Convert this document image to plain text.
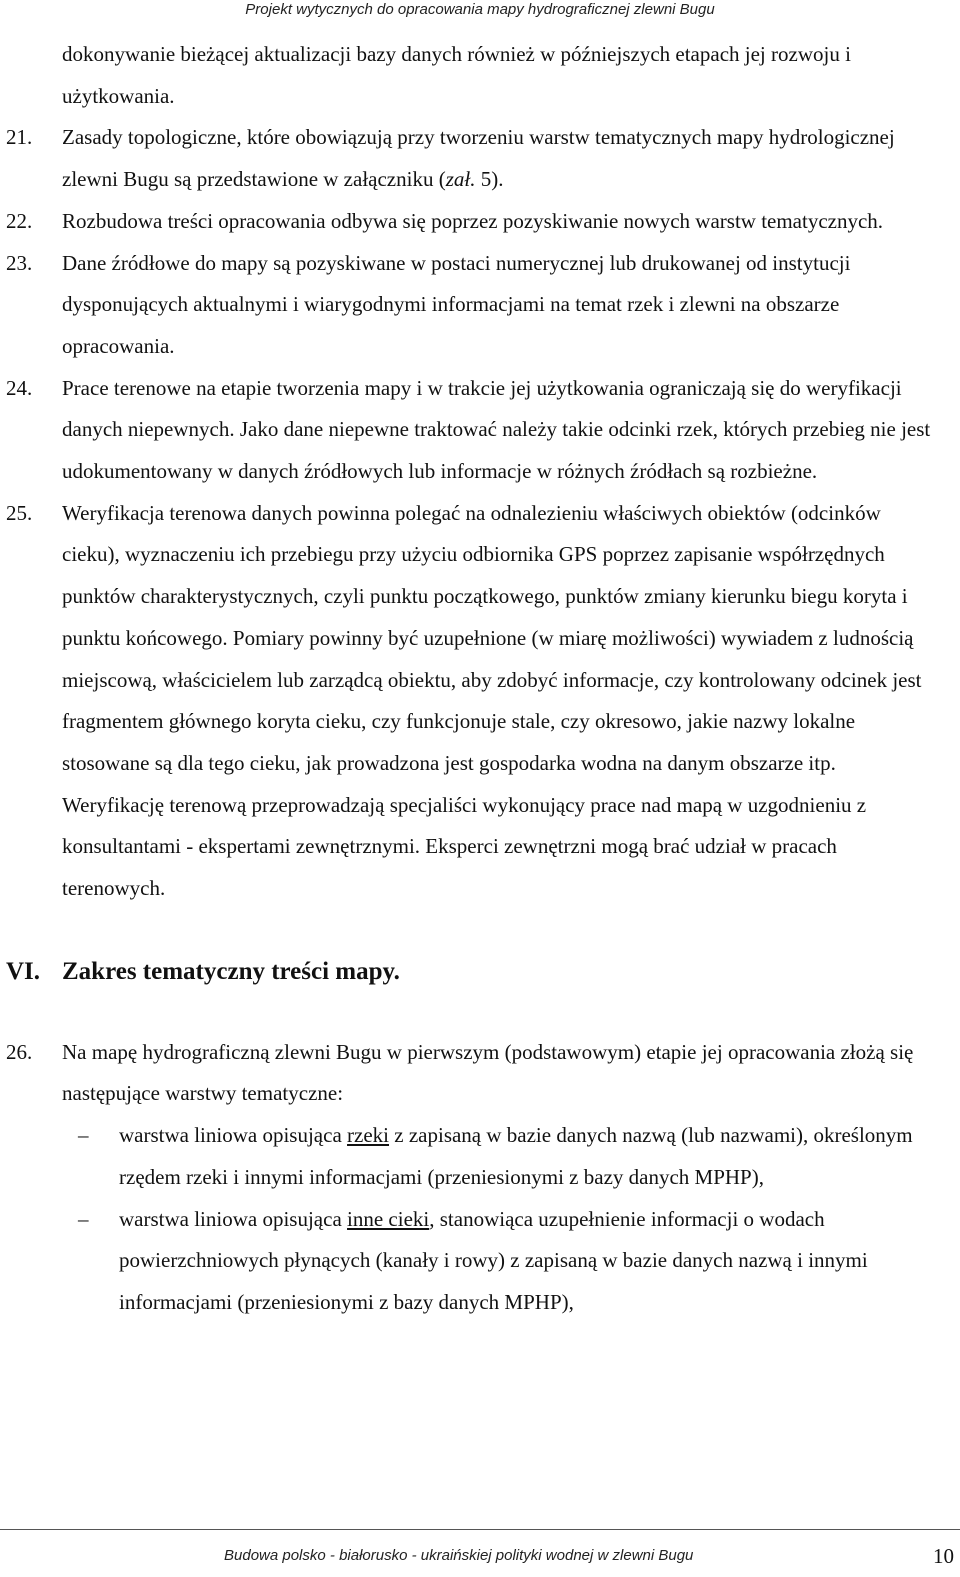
Projekt wytycznych do opracowania mapy hydrograficznej zlewni Bugu

dokonywanie bieżącej aktualizacji bazy danych również w późniejszych etapach jej rozwoju i użytkowania.

21. Zasady topologiczne, które obowiązują przy tworzeniu warstw tematycznych mapy hydrologicznej zlewni Bugu są przedstawione w załączniku (zał. 5).

22. Rozbudowa treści opracowania odbywa się poprzez pozyskiwanie nowych warstw tematycznych.

23. Dane źródłowe do mapy są pozyskiwane w postaci numerycznej lub drukowanej od instytucji dysponujących aktualnymi i wiarygodnymi informacjami na temat rzek i zlewni na obszarze opracowania.

24. Prace terenowe na etapie tworzenia mapy i w trakcie jej użytkowania ograniczają się do weryfikacji danych niepewnych. Jako dane niepewne traktować należy takie odcinki rzek, których przebieg nie jest udokumentowany w danych źródłowych lub informacje w różnych źródłach są rozbieżne.

25. Weryfikacja terenowa danych powinna polegać na odnalezieniu właściwych obiektów (odcinków cieku), wyznaczeniu ich przebiegu przy użyciu odbiornika GPS poprzez zapisanie współrzędnych punktów charakterystycznych, czyli punktu początkowego, punktów zmiany kierunku biegu koryta i punktu końcowego. Pomiary powinny być uzupełnione (w miarę możliwości) wywiadem z ludnością miejscową, właścicielem lub zarządcą obiektu, aby zdobyć informacje, czy kontrolowany odcinek jest fragmentem głównego koryta cieku, czy funkcjonuje stale, czy okresowo, jakie nazwy lokalne stosowane są dla tego cieku, jak prowadzona jest gospodarka wodna na danym obszarze itp. Weryfikację terenową przeprowadzają specjaliści wykonujący prace nad mapą w uzgodnieniu z konsultantami - ekspertami zewnętrznymi. Eksperci zewnętrzni mogą brać udział w pracach terenowych.

VI. Zakres tematyczny treści mapy.

26. Na mapę hydrograficzną zlewni Bugu w pierwszym (podstawowym) etapie jej opracowania złożą się następujące warstwy tematyczne:

– warstwa liniowa opisująca rzeki z zapisaną w bazie danych nazwą (lub nazwami), określonym rzędem rzeki i innymi informacjami (przeniesionymi z bazy danych MPHP),
– warstwa liniowa opisująca inne cieki, stanowiąca uzupełnienie informacji o wodach powierzchniowych płynących (kanały i rowy) z zapisaną w bazie danych nazwą i innymi informacjami (przeniesionymi z bazy danych MPHP),
Budowa polsko - białorusko - ukraińskiej polityki wodnej w zlewni Bugu	10
